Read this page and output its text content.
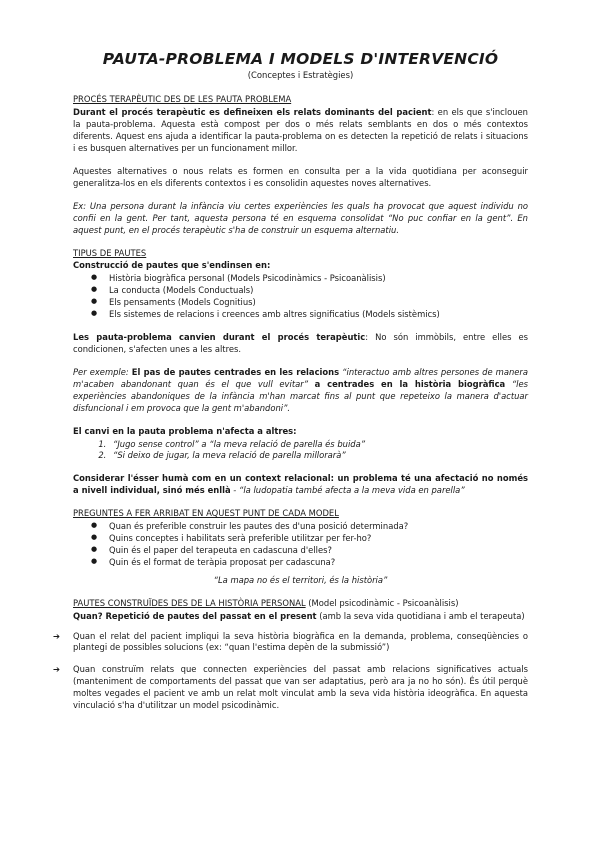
PAUTA-PROBLEMA I MODELS D'INTERVENCIÓ
(Conceptes i Estratègies)
PROCÉS TERAPÈUTIC DES DE LES PAUTA PROBLEMA

Durant el procés terapèutic es defineixen els relats dominants del pacient: en els que s'inclouen la pauta-problema. Aquesta està compost per dos o més relats semblants en dos o més contextos diferents. Aquest ens ajuda a identificar la pauta-problema on es detecten la repetició de relats i situacions i es busquen alternatives per un funcionament millor.

Aquestes alternatives o nous relats es formen en consulta per a la vida quotidiana per aconseguir generalitza-los en els diferents contextos i es consolidin aquestes noves alternatives.

Ex: Una persona durant la infància viu certes experiències les quals ha provocat que aquest individu no confii en la gent. Per tant, aquesta persona té en esquema consolidat “No puc confiar en la gent”. En aquest punt, en el procés terapèutic s'ha de construir un esquema alternatiu.

TIPUS DE PAUTES

Construcció de pautes que s'endinsen en:

● Història biogràfica personal (Models Psicodinàmics - Psicoanàlisis)
● La conducta (Models Conductuals)
● Els pensaments (Models Cognitius)
● Els sistemes de relacions i creences amb altres significatius (Models sistèmics)

Les pauta-problema canvien durant el procés terapèutic: No són immòbils, entre elles es condicionen, s'afecten unes a les altres.

Per exemple: El pas de pautes centrades en les relacions “interactuo amb altres persones de manera m'acaben abandonant quan és el que vull evitar” a centrades en la història biogràfica “les experiències abandoniques de la infància m'han marcat fins al punt que repeteixo la manera d'actuar disfuncional i em provoca que la gent m'abandoni”.

El canvi en la pauta problema n'afecta a altres:

1. “Jugo sense control” a “la meva relació de parella és buida”
2. “Si deixo de jugar, la meva relació de parella millorarà”

Considerar l'ésser humà com en un context relacional: un problema té una afectació no només a nivell individual, sinó més enllà - “la ludopatia també afecta a la meva vida en parella”

PREGUNTES A FER ARRIBAT EN AQUEST PUNT DE CADA MODEL
● Quan és preferible construir les pautes des d'una posició determinada?
● Quins conceptes i habilitats serà preferible utilitzar per fer-ho?
● Quin és el paper del terapeuta en cadascuna d'elles?
● Quin és el format de teràpia proposat per cadascuna?
“La mapa no és el territori, és la història”
PAUTES CONSTRUÏDES DES DE LA HISTÒRIA PERSONAL (Model psicodinàmic - Psicoanàlisis)

Quan? Repetició de pautes del passat en el present (amb la seva vida quotidiana i amb el terapeuta)

➔ Quan el relat del pacient impliqui la seva història biogràfica en la demanda, problema, conseqüències o plantegi de possibles solucions (ex: “quan l'estima depèn de la submissió”)
➔ Quan construïm relats que connecten experiències del passat amb relacions significatives actuals (manteniment de comportaments del passat que van ser adaptatius, però ara ja no ho són). És útil perquè moltes vegades el pacient ve amb un relat molt vinculat amb la seva vida història ideogràfica. En aquesta vinculació s'ha d'utilitzar un model psicodinàmic.
